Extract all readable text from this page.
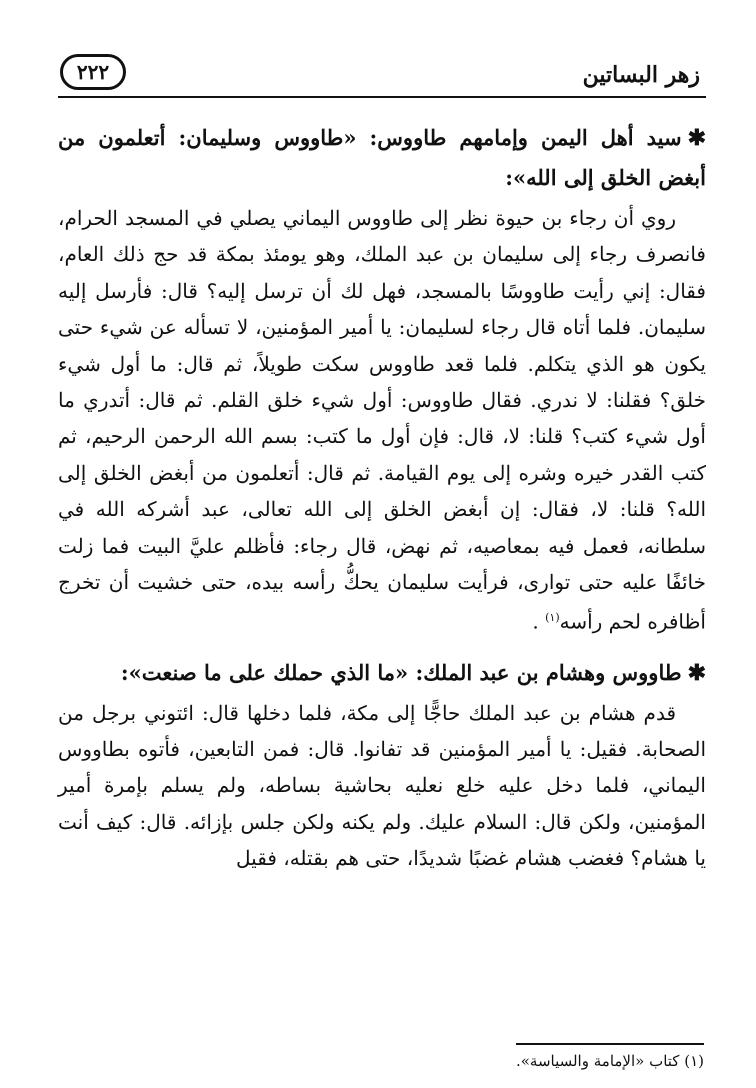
زهر البساتين
٢٢٢

✱سيد أهل اليمن وإمامهم طاووس: «طاووس وسليمان: أتعلمون من أبغض الخلق إلى الله»:

روي أن رجاء بن حيوة نظر إلى طاووس اليماني يصلي في المسجد الحرام، فانصرف رجاء إلى سليمان بن عبد الملك، وهو يومئذ بمكة قد حج ذلك العام، فقال: إني رأيت طاووسًا بالمسجد، فهل لك أن ترسل إليه؟ قال: فأرسل إليه سليمان. فلما أتاه قال رجاء لسليمان: يا أمير المؤمنين، لا تسأله عن شيء حتى يكون هو الذي يتكلم. فلما قعد طاووس سكت طويلاً، ثم قال: ما أول شيء خلق؟ فقلنا: لا ندري. فقال طاووس: أول شيء خلق القلم. ثم قال: أتدري ما أول شيء كتب؟ قلنا: لا، قال: فإن أول ما كتب: بسم الله الرحمن الرحيم، ثم كتب القدر خيره وشره إلى يوم القيامة. ثم قال: أتعلمون من أبغض الخلق إلى الله؟ قلنا: لا، فقال: إن أبغض الخلق إلى الله تعالى، عبد أشركه الله في سلطانه، فعمل فيه بمعاصيه، ثم نهض، قال رجاء: فأظلم عليَّ البيت فما زلت خائفًا عليه حتى توارى، فرأيت سليمان يحكُّ رأسه بيده، حتى خشيت أن تخرج أظافره لحم رأسه$^{(١)}$ .

✱طاووس وهشام بن عبد الملك: «ما الذي حملك على ما صنعت»:

قدم هشام بن عبد الملك حاجًّا إلى مكة، فلما دخلها قال: ائتوني برجل من الصحابة. فقيل: يا أمير المؤمنين قد تفانوا. قال: فمن التابعين، فأتوه بطاووس اليماني، فلما دخل عليه خلع نعليه بحاشية بساطه، ولم يسلم بإمرة أمير المؤمنين، ولكن قال: السلام عليك. ولم يكنه ولكن جلس بإزائه. قال: كيف أنت يا هشام؟ فغضب هشام غضبًا شديدًا، حتى هم بقتله، فقيل

(١) كتاب «الإمامة والسياسة».
